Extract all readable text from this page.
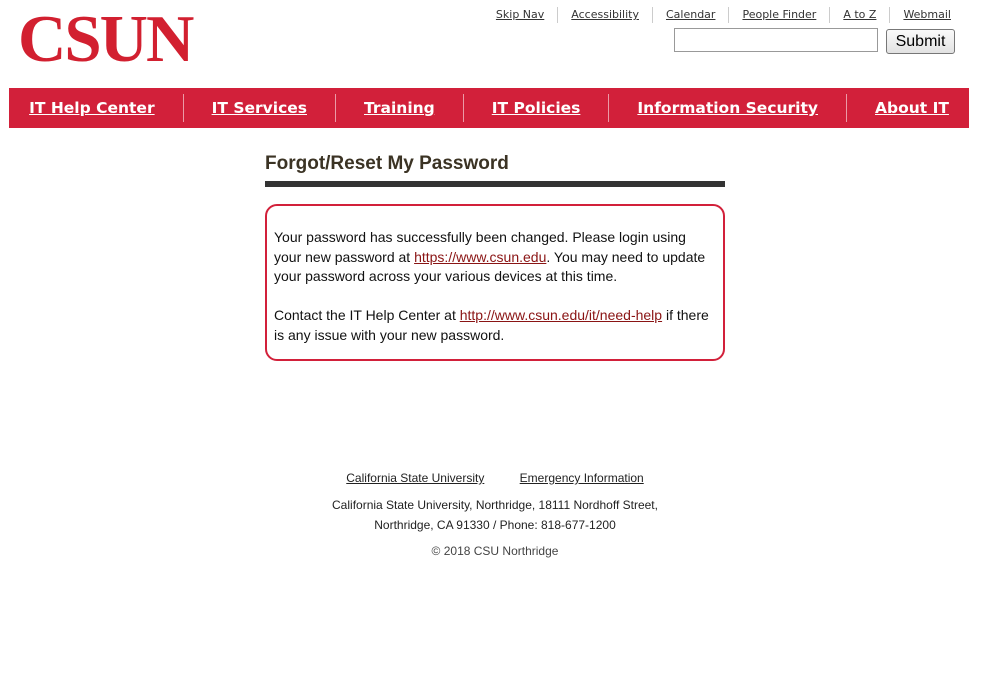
CSUN	Skip Nav	Accessibility	Calendar	People Finder	A to Z	Webmail
Submit
IT Help Center	IT Services	Training	IT Policies	Information Security	About IT
Forgot/Reset My Password

Your password has successfully been changed. Please login using your new password at https://www.csun.edu. You may need to update your password across your various devices at this time.

Contact the IT Help Center at http://www.csun.edu/it/need-help if there is any issue with your new password.

California State University	Emergency Information
California State University, Northridge, 18111 Nordhoff Street,
Northridge, CA 91330 / Phone: 818-677-1200

© 2018 CSU Northridge
